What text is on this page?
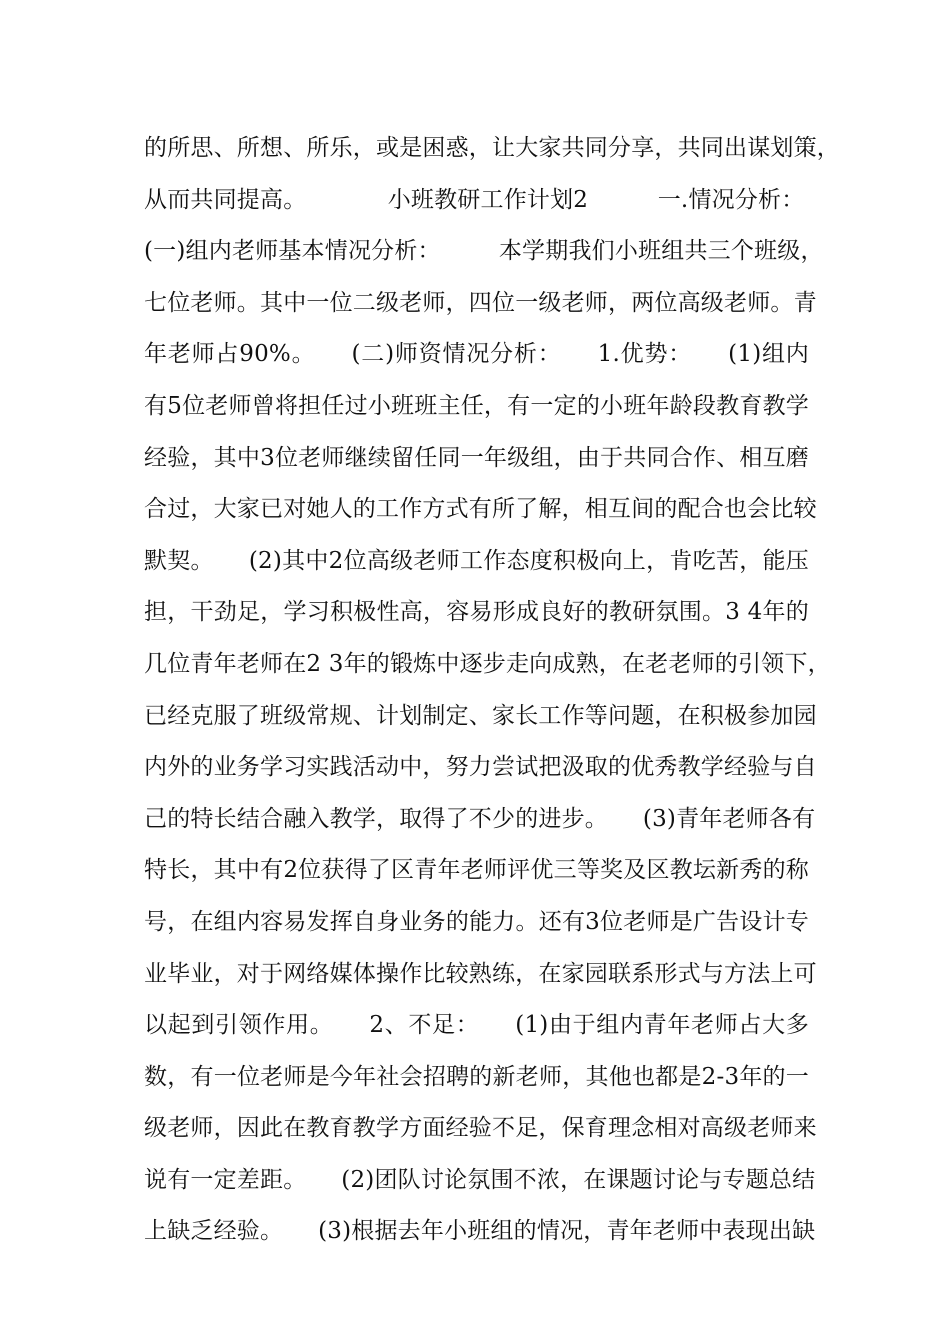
的所思、所想、所乐，或是困惑，让大家共同分享，共同出谋划策，
从而共同提高。　　　　小班教研工作计划2　　　一.情况分析：
(一)组内老师基本情况分析：　　　本学期我们小班组共三个班级，
七位老师。其中一位二级老师，四位一级老师，两位高级老师。青
年老师占90%。　　(二)师资情况分析：　　1.优势：　　(1)组内
有5位老师曾将担任过小班班主任，有一定的小班年龄段教育教学
经验，其中3位老师继续留任同一年级组，由于共同合作、相互磨
合过，大家已对她人的工作方式有所了解，相互间的配合也会比较
默契。　　(2)其中2位高级老师工作态度积极向上，肯吃苦，能压
担，干劲足，学习积极性高，容易形成良好的教研氛围。3 4年的
几位青年老师在2 3年的锻炼中逐步走向成熟，在老老师的引领下，
已经克服了班级常规、计划制定、家长工作等问题，在积极参加园
内外的业务学习实践活动中，努力尝试把汲取的优秀教学经验与自
己的特长结合融入教学，取得了不少的进步。　　(3)青年老师各有
特长，其中有2位获得了区青年老师评优三等奖及区教坛新秀的称
号，在组内容易发挥自身业务的能力。还有3位老师是广告设计专
业毕业，对于网络媒体操作比较熟练，在家园联系形式与方法上可
以起到引领作用。　　2、不足：　　(1)由于组内青年老师占大多
数，有一位老师是今年社会招聘的新老师，其他也都是2-3年的一
级老师，因此在教育教学方面经验不足，保育理念相对高级老师来
说有一定差距。　　(2)团队讨论氛围不浓，在课题讨论与专题总结
上缺乏经验。　　(3)根据去年小班组的情况，青年老师中表现出缺
